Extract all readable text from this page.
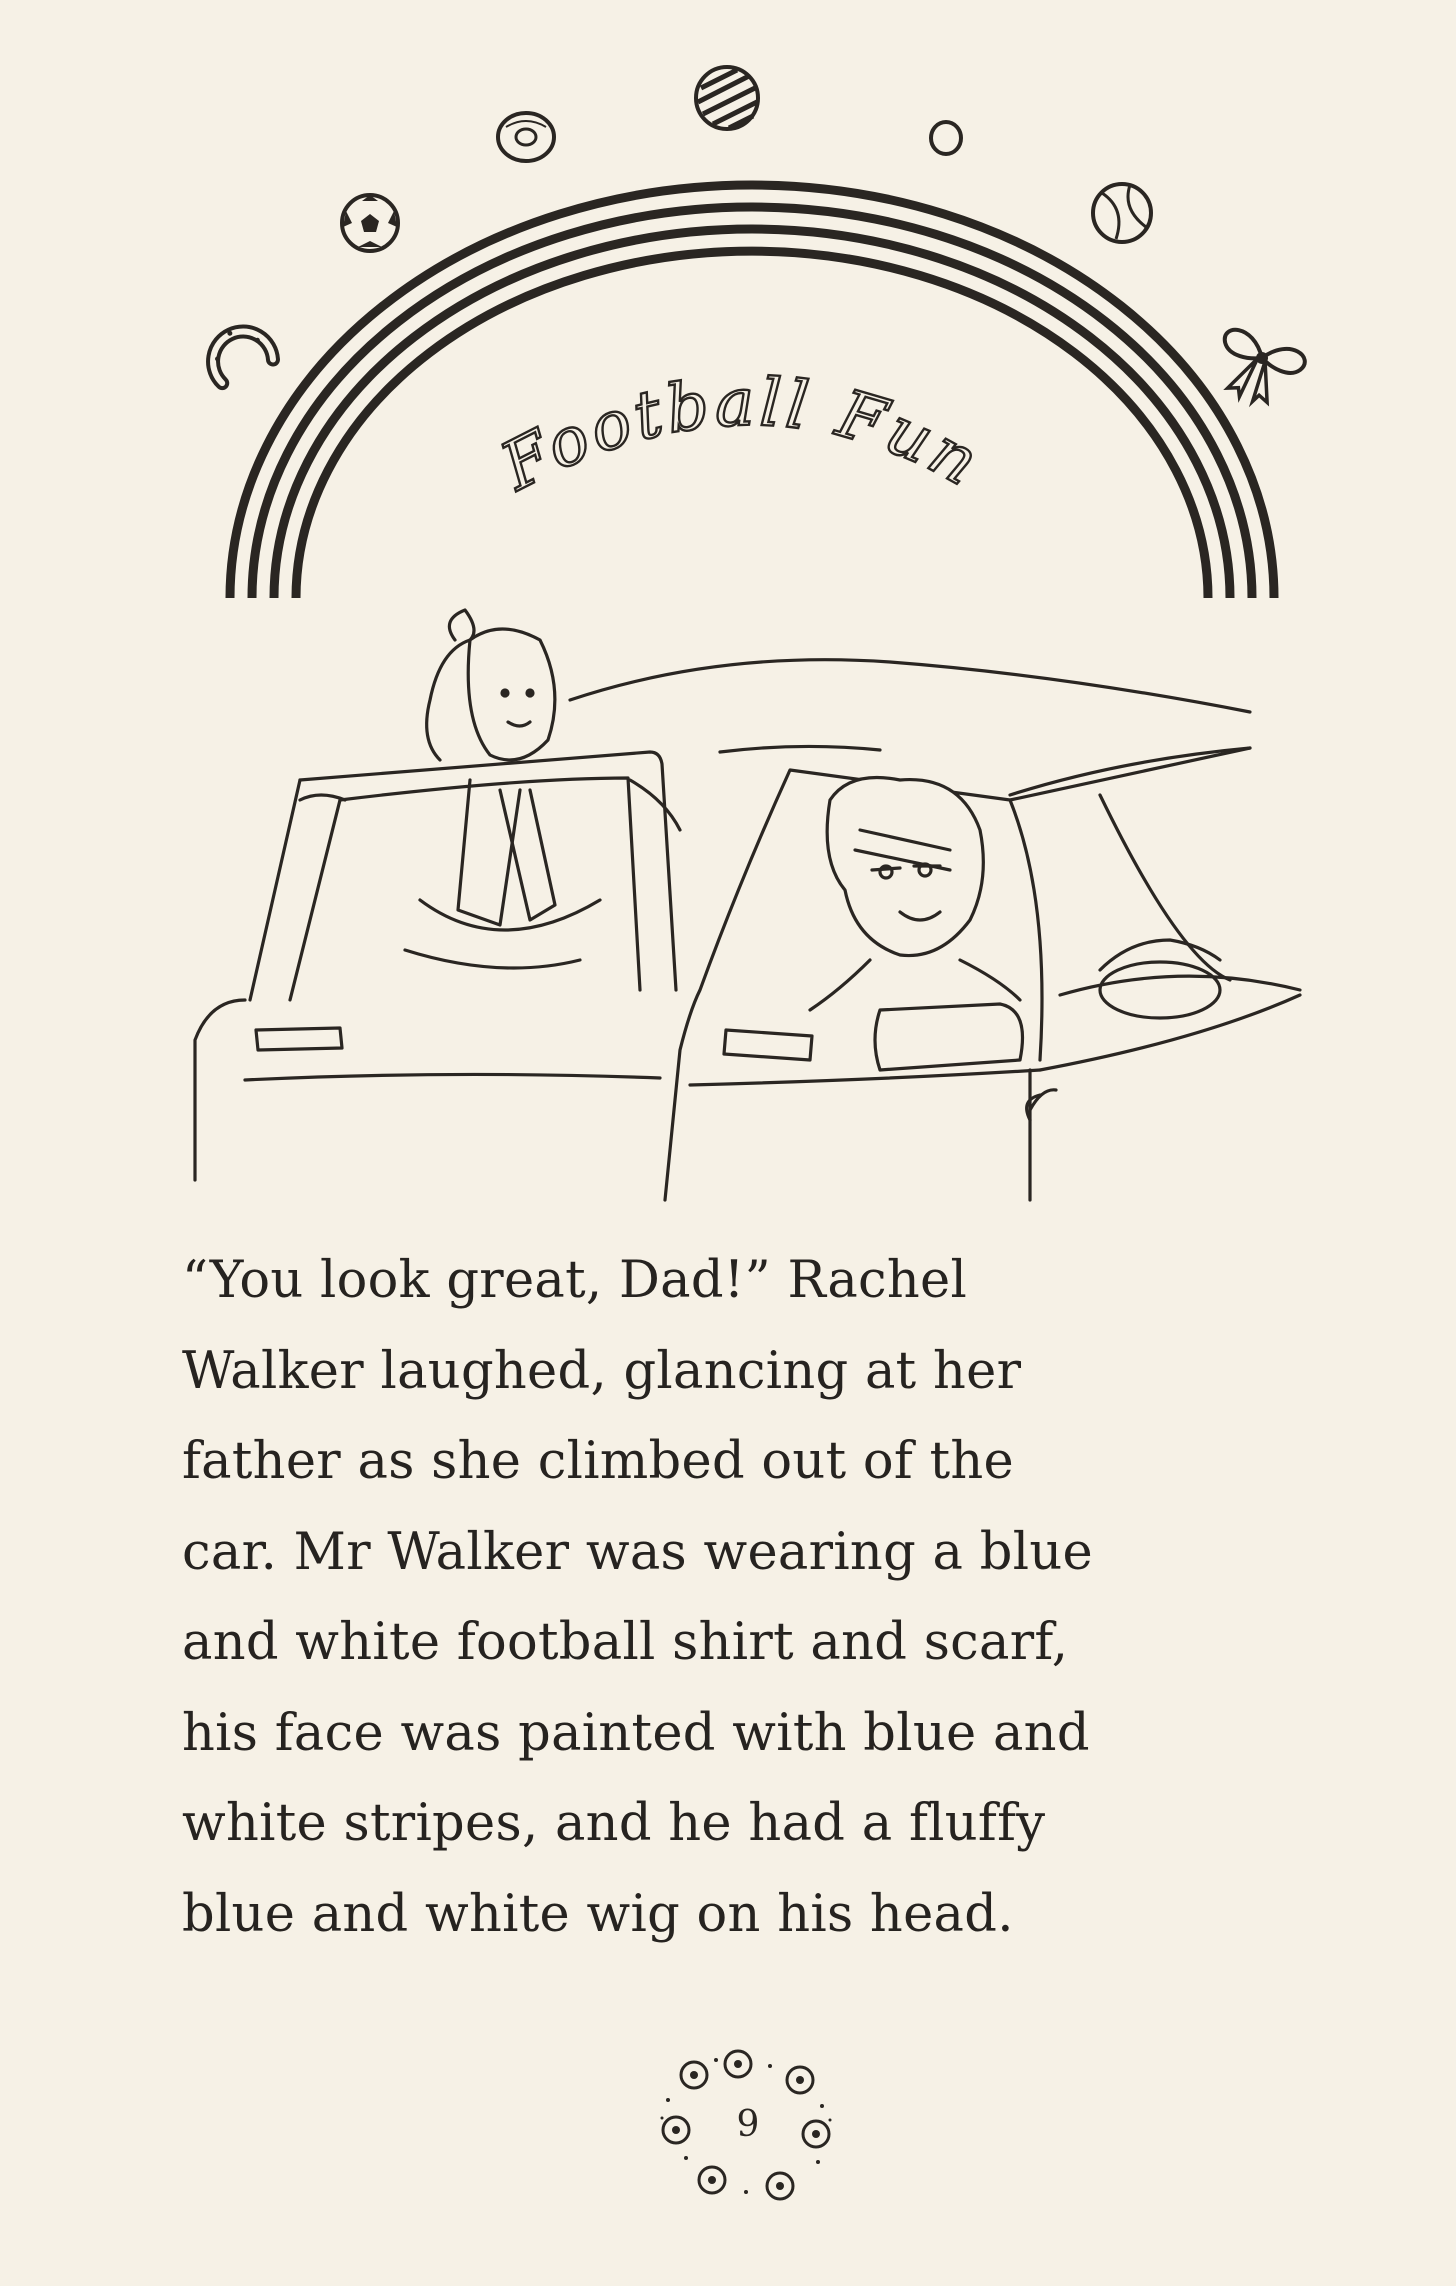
Football Fun
“You look great, Dad!” Rachel
Walker laughed, glancing at her
father as she climbed out of the
car. Mr Walker was wearing a blue
and white football shirt and scarf,
his face was painted with blue and
white stripes, and he had a fluffy
blue and white wig on his head.
9
